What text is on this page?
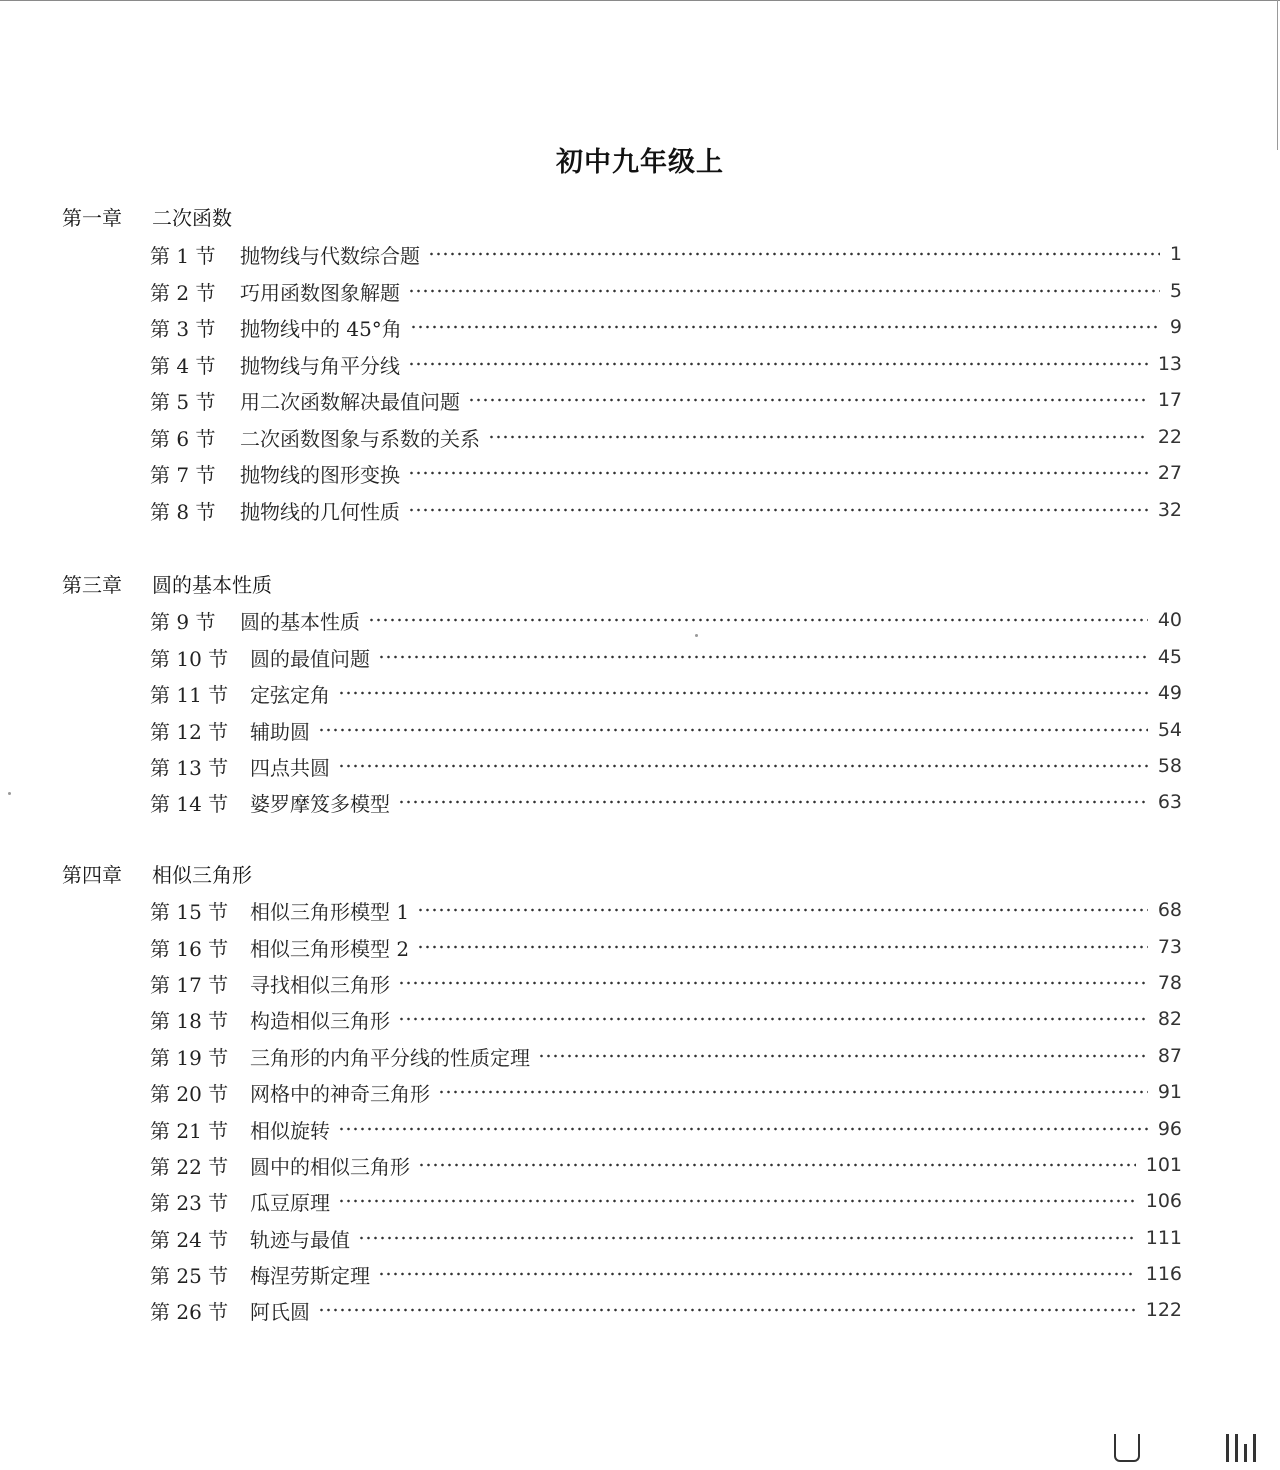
初中九年级上
第一章 二次函数
第 1 节	抛物线与代数综合题	1
第 2 节	巧用函数图象解题	5
第 3 节	抛物线中的 45°角	9
第 4 节	抛物线与角平分线	13
第 5 节	用二次函数解决最值问题	17
第 6 节	二次函数图象与系数的关系	22
第 7 节	抛物线的图形变换	27
第 8 节	抛物线的几何性质	32
第三章 圆的基本性质
第 9 节	圆的基本性质	40
第 10 节	圆的最值问题	45
第 11 节	定弦定角	49
第 12 节	辅助圆	54
第 13 节	四点共圆	58
第 14 节	婆罗摩笈多模型	63
第四章 相似三角形
第 15 节	相似三角形模型 1	68
第 16 节	相似三角形模型 2	73
第 17 节	寻找相似三角形	78
第 18 节	构造相似三角形	82
第 19 节	三角形的内角平分线的性质定理	87
第 20 节	网格中的神奇三角形	91
第 21 节	相似旋转	96
第 22 节	圆中的相似三角形	101
第 23 节	瓜豆原理	106
第 24 节	轨迹与最值	111
第 25 节	梅涅劳斯定理	116
第 26 节	阿氏圆	122
